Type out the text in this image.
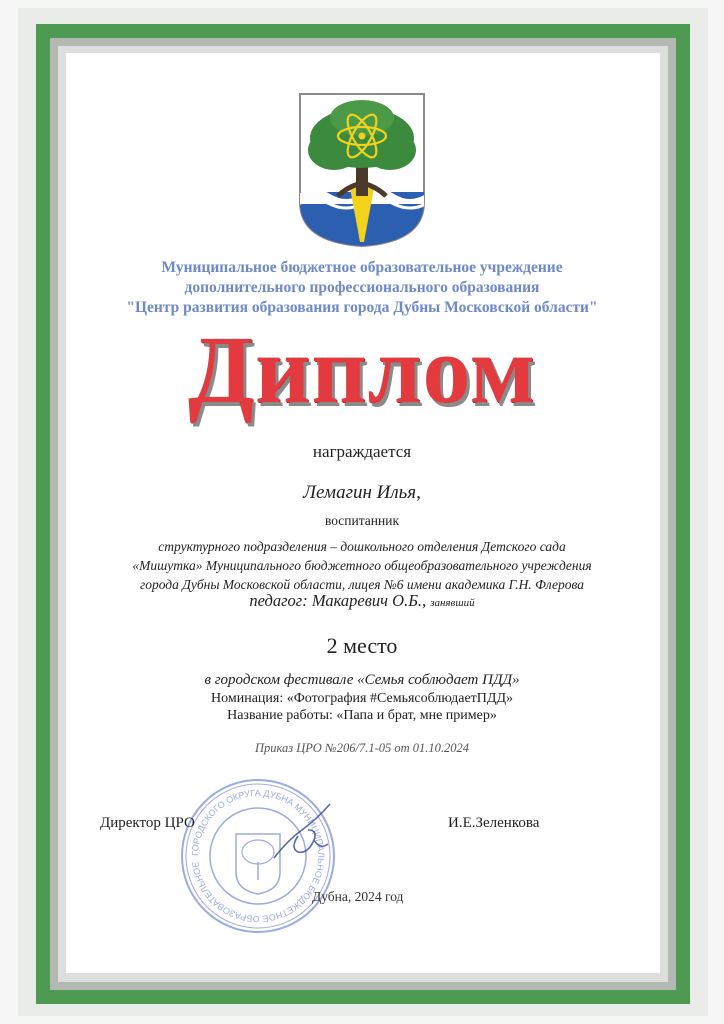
Муниципальное бюджетное образовательное учреждение
дополнительного профессионального образования
"Центр развития образования города Дубны Московской области"
Диплом
награждается
Лемагин Илья,
воспитанник
структурного подразделения – дошкольного отделения Детского сада
«Мишутка» Муниципального бюджетного общеобразовательного учреждения
города Дубны Московской области, лицея №6 имени академика Г.Н. Флерова
педагог: Макаревич О.Б., занявший
2 место
в городском фестивале «Семья соблюдает ПДД»
Номинация: «Фотография #СемьясоблюдаетПДД»
Название работы: «Папа и брат, мне пример»
Приказ ЦРО №206/7.1-05 от 01.10.2024
ГОРОДСКОГО ОКРУГА ДУБНА МУНИЦИПАЛЬНОЕ БЮДЖЕТНОЕ ОБРАЗОВАТЕЛЬНОЕ
Директор ЦРО	И.Е.Зеленкова
Дубна, 2024 год
